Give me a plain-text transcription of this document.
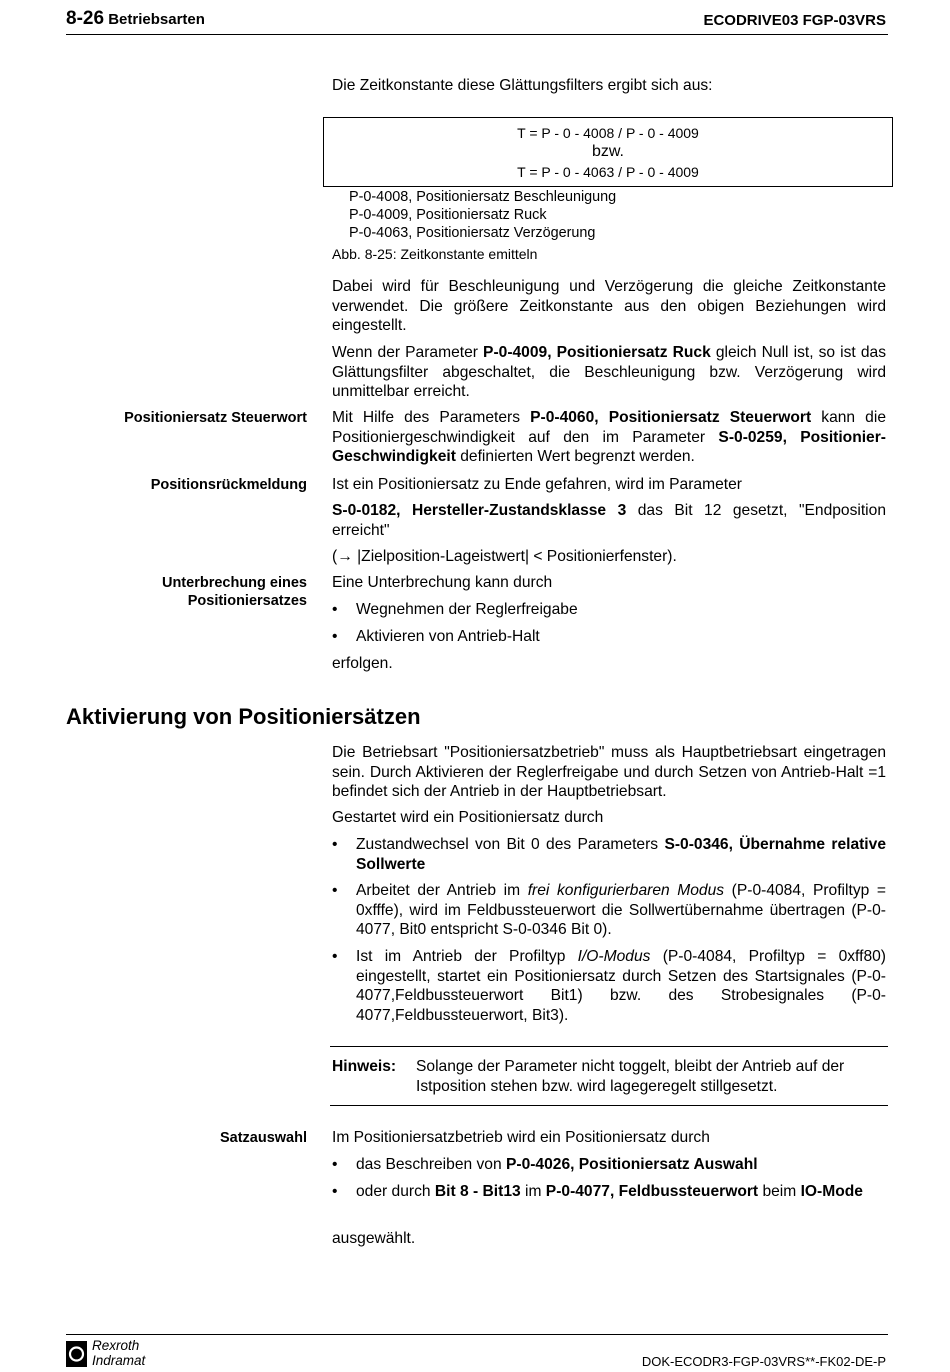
8-26 Betriebsarten	ECODRIVE03 FGP-03VRS
Die Zeitkonstante diese Glättungsfilters ergibt sich aus:
T = P - 0 - 4008 / P - 0 - 4009
bzw.
T = P - 0 - 4063 / P - 0 - 4009
P-0-4008, Positioniersatz Beschleunigung
P-0-4009, Positioniersatz Ruck
P-0-4063, Positioniersatz Verzögerung
Abb. 8-25: Zeitkonstante emitteln
Dabei wird für Beschleunigung und Verzögerung die gleiche Zeitkonstante verwendet. Die größere Zeitkonstante aus den obigen Beziehungen wird eingestellt.
Wenn der Parameter P-0-4009, Positioniersatz Ruck gleich Null ist, so ist das Glättungsfilter abgeschaltet, die Beschleunigung bzw. Verzögerung wird unmittelbar erreicht.
Positioniersatz Steuerwort Mit Hilfe des Parameters P-0-4060, Positioniersatz Steuerwort kann die Positioniergeschwindigkeit auf den im Parameter S-0-0259, Positionier-Geschwindigkeit definierten Wert begrenzt werden.
Positionsrückmeldung Ist ein Positioniersatz zu Ende gefahren, wird im Parameter
S-0-0182, Hersteller-Zustandsklasse 3 das Bit 12 gesetzt, "Endposition erreicht"
(→ |Zielposition-Lageistwert| < Positionierfenster).
Unterbrechung eines
Positioniersatzes
Eine Unterbrechung kann durch
• Wegnehmen der Reglerfreigabe
• Aktivieren von Antrieb-Halt
erfolgen.
Aktivierung von Positioniersätzen
Die Betriebsart "Positioniersatzbetrieb" muss als Hauptbetriebsart eingetragen sein. Durch Aktivieren der Reglerfreigabe und durch Setzen von Antrieb-Halt =1 befindet sich der Antrieb in der Hauptbetriebsart.
Gestartet wird ein Positioniersatz durch
• Zustandwechsel von Bit 0 des Parameters S-0-0346, Übernahme relative Sollwerte
• Arbeitet der Antrieb im frei konfigurierbaren Modus (P-0-4084, Profiltyp = 0xfffe), wird im Feldbussteuerwort die Sollwertübernahme übertragen (P-0-4077, Bit0 entspricht S-0-0346 Bit 0).
• Ist im Antrieb der Profiltyp I/O-Modus (P-0-4084, Profiltyp = 0xff80) eingestellt, startet ein Positioniersatz durch Setzen des Startsignales (P-0-4077,Feldbussteuerwort Bit1) bzw. des Strobesignales (P-0-4077,Feldbussteuerwort, Bit3).
Hinweis:	Solange der Parameter nicht toggelt, bleibt der Antrieb auf der Istposition stehen bzw. wird lagegeregelt stillgesetzt.
Satzauswahl Im Positioniersatzbetrieb wird ein Positioniersatz durch
• das Beschreiben von P-0-4026, Positioniersatz Auswahl
• oder durch Bit 8 - Bit13 im P-0-4077, Feldbussteuerwort beim IO-Mode
ausgewählt.
Rexroth
Indramat	DOK-ECODR3-FGP-03VRS**-FK02-DE-P
